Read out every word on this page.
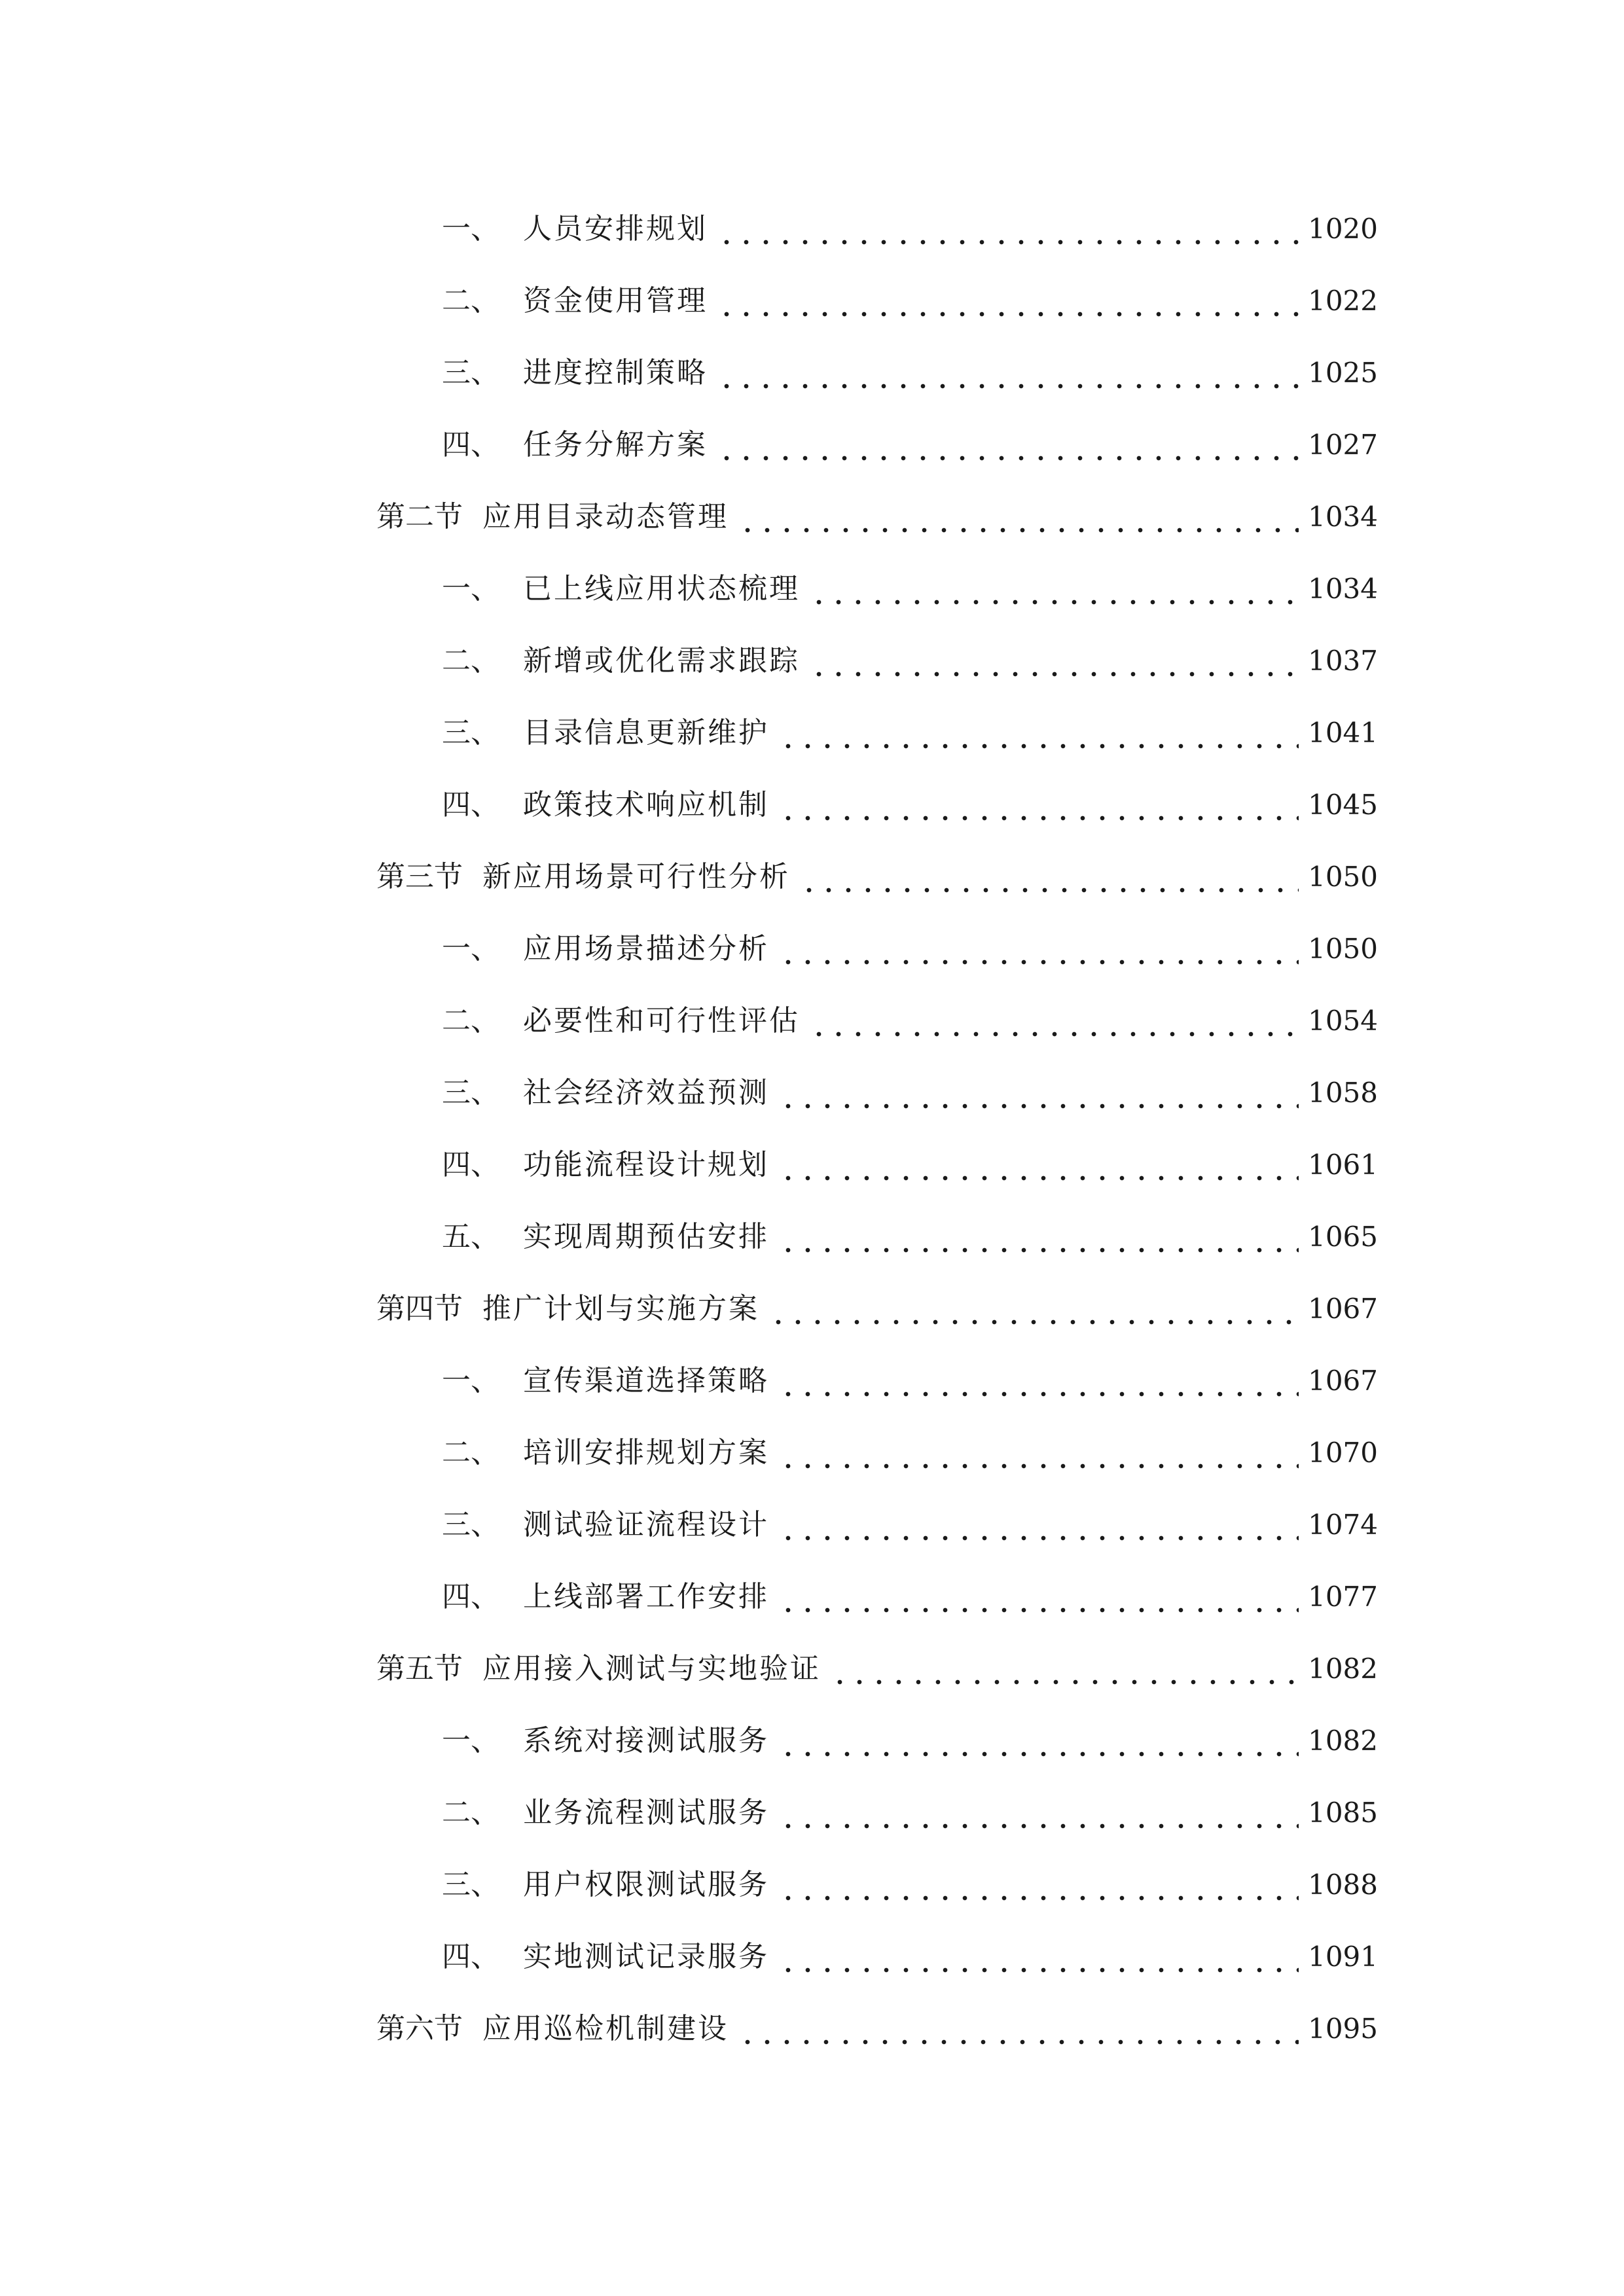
一、 人员安排规划	1020
二、 资金使用管理	1022
三、 进度控制策略	1025
四、 任务分解方案	1027
第二节 应用目录动态管理	1034
一、 已上线应用状态梳理	1034
二、 新增或优化需求跟踪	1037
三、 目录信息更新维护	1041
四、 政策技术响应机制	1045
第三节 新应用场景可行性分析	1050
一、 应用场景描述分析	1050
二、 必要性和可行性评估	1054
三、 社会经济效益预测	1058
四、 功能流程设计规划	1061
五、 实现周期预估安排	1065
第四节 推广计划与实施方案	1067
一、 宣传渠道选择策略	1067
二、 培训安排规划方案	1070
三、 测试验证流程设计	1074
四、 上线部署工作安排	1077
第五节 应用接入测试与实地验证	1082
一、 系统对接测试服务	1082
二、 业务流程测试服务	1085
三、 用户权限测试服务	1088
四、 实地测试记录服务	1091
第六节 应用巡检机制建设	1095
